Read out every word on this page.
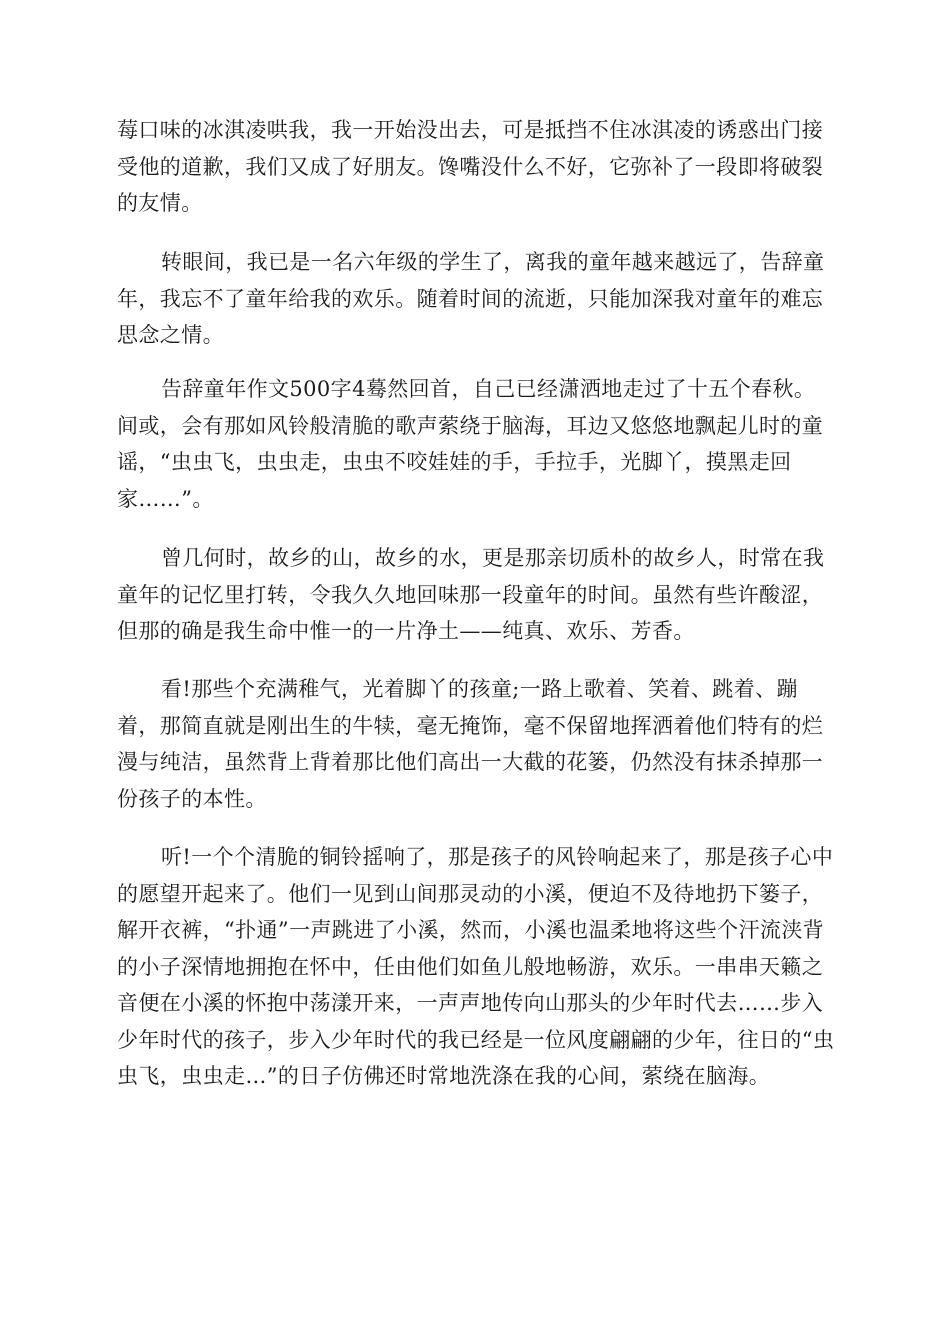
莓口味的冰淇凌哄我，我一开始没出去，可是抵挡不住冰淇凌的诱惑出门接受他的道歉，我们又成了好朋友。馋嘴没什么不好，它弥补了一段即将破裂的友情。

转眼间，我已是一名六年级的学生了，离我的童年越来越远了，告辞童年，我忘不了童年给我的欢乐。随着时间的流逝，只能加深我对童年的难忘思念之情。

告辞童年作文500字4蓦然回首，自己已经潇洒地走过了十五个春秋。间或，会有那如风铃般清脆的歌声萦绕于脑海，耳边又悠悠地飘起儿时的童谣，“虫虫飞，虫虫走，虫虫不咬娃娃的手，手拉手，光脚丫，摸黑走回家……”。

曾几何时，故乡的山，故乡的水，更是那亲切质朴的故乡人，时常在我童年的记忆里打转，令我久久地回味那一段童年的时间。虽然有些许酸涩，但那的确是我生命中惟一的一片净土——纯真、欢乐、芳香。

看!那些个充满稚气，光着脚丫的孩童;一路上歌着、笑着、跳着、蹦着，那简直就是刚出生的牛犊，毫无掩饰，毫不保留地挥洒着他们特有的烂漫与纯洁，虽然背上背着那比他们高出一大截的花篓，仍然没有抹杀掉那一份孩子的本性。

听!一个个清脆的铜铃摇响了，那是孩子的风铃响起来了，那是孩子心中的愿望开起来了。他们一见到山间那灵动的小溪，便迫不及待地扔下篓子，解开衣裤，“扑通”一声跳进了小溪，然而，小溪也温柔地将这些个汗流浃背的小子深情地拥抱在怀中，任由他们如鱼儿般地畅游，欢乐。一串串天籁之音便在小溪的怀抱中荡漾开来，一声声地传向山那头的少年时代去……步入少年时代的孩子，步入少年时代的我已经是一位风度翩翩的少年，往日的“虫虫飞，虫虫走…”的日子仿佛还时常地洗涤在我的心间，萦绕在脑海。
